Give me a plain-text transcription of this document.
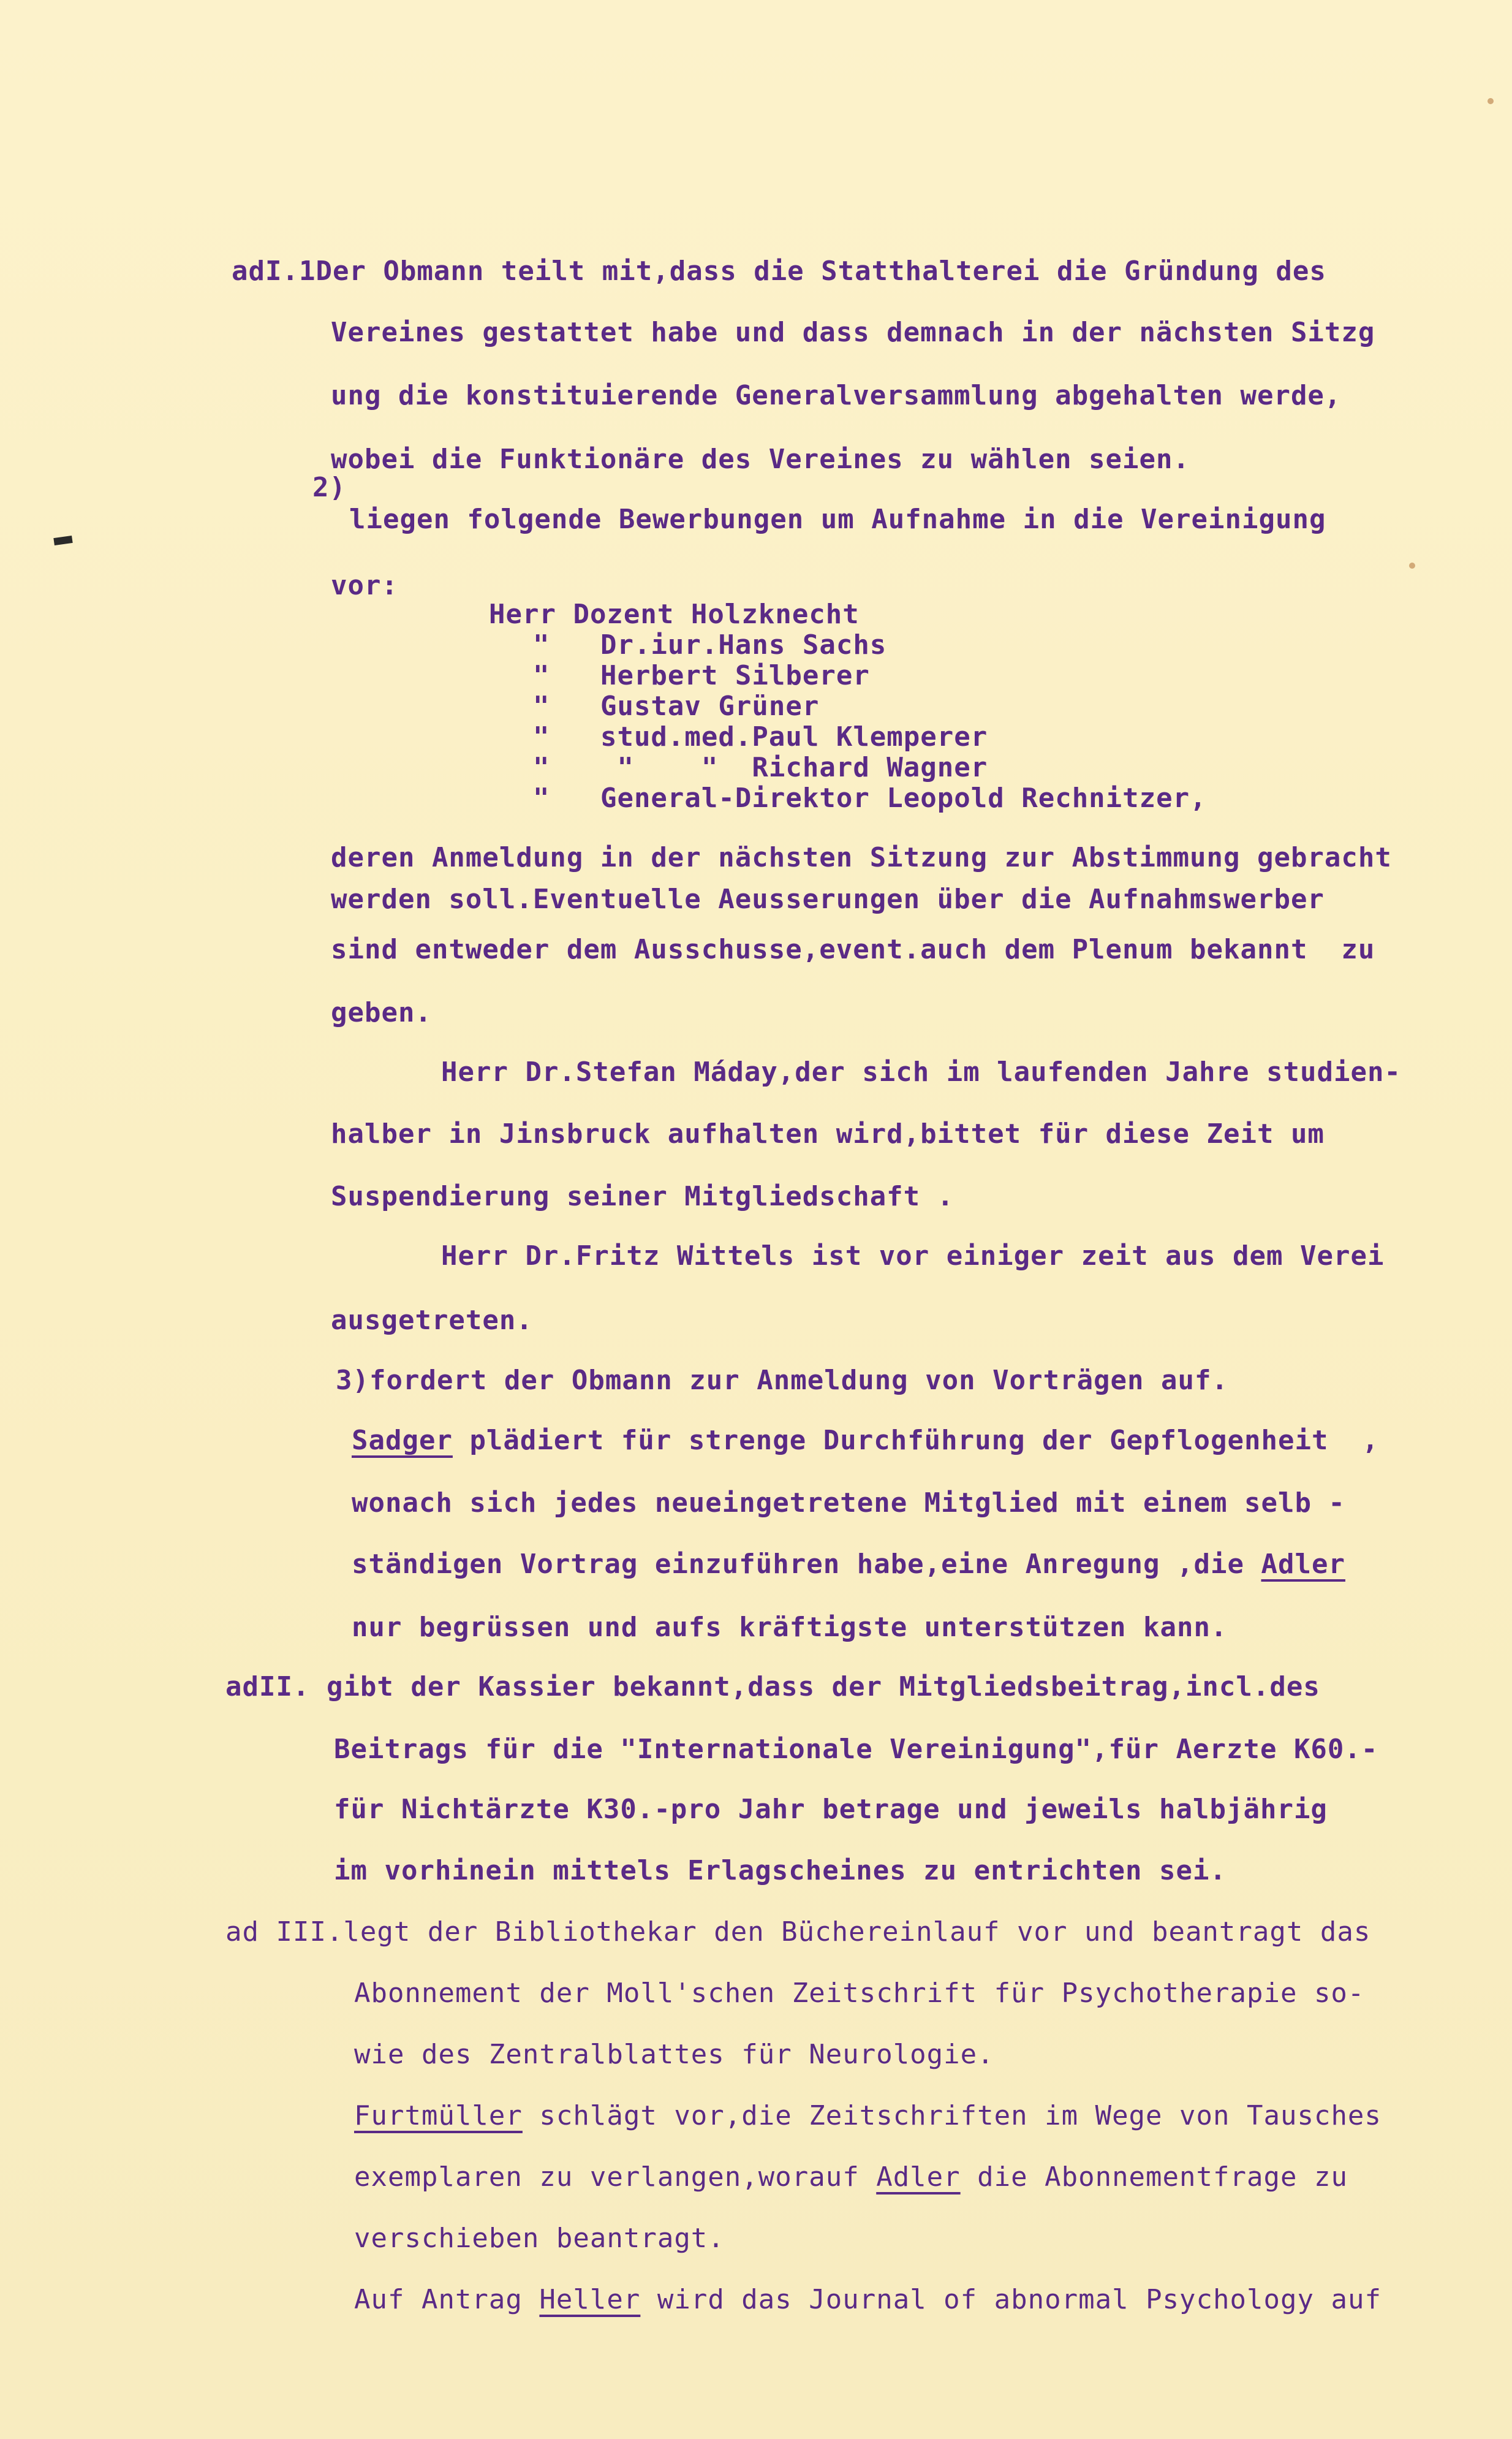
adI.1Der Obmann teilt mit,dass die Statthalterei die Gründung des
Vereines gestattet habe und dass demnach in der nächsten Sitzg
ung die konstituierende Generalversammlung abgehalten werde,
wobei die Funktionäre des Vereines zu wählen seien.
2)
liegen folgende Bewerbungen um Aufnahme in die Vereinigung
vor:
Herr Dozent Holzknecht
"   Dr.iur.Hans Sachs
"   Herbert Silberer
"   Gustav Grüner
"   stud.med.Paul Klemperer
"    "    "  Richard Wagner
"   General-Direktor Leopold Rechnitzer,
deren Anmeldung in der nächsten Sitzung zur Abstimmung gebracht
werden soll.Eventuelle Aeusserungen über die Aufnahmswerber
sind entweder dem Ausschusse,event.auch dem Plenum bekannt  zu
geben.
Herr Dr.Stefan Máday,der sich im laufenden Jahre studien-
halber in Jinsbruck aufhalten wird,bittet für diese Zeit um
Suspendierung seiner Mitgliedschaft .
Herr Dr.Fritz Wittels ist vor einiger zeit aus dem Verei
ausgetreten.
3)fordert der Obmann zur Anmeldung von Vorträgen auf.
Sadger plädiert für strenge Durchführung der Gepflogenheit  ,
wonach sich jedes neueingetretene Mitglied mit einem selb -
ständigen Vortrag einzuführen habe,eine Anregung ,die Adler
nur begrüssen und aufs kräftigste unterstützen kann.
adII. gibt der Kassier bekannt,dass der Mitgliedsbeitrag,incl.des
Beitrags für die "Internationale Vereinigung",für Aerzte K60.-
für Nichtärzte K30.-pro Jahr betrage und jeweils halbjährig
im vorhinein mittels Erlagscheines zu entrichten sei.
ad III.legt der Bibliothekar den Büchereinlauf vor und beantragt das
Abonnement der Moll'schen Zeitschrift für Psychotherapie so-
wie des Zentralblattes für Neurologie.
Furtmüller schlägt vor,die Zeitschriften im Wege von Tausches
exemplaren zu verlangen,worauf Adler die Abonnementfrage zu
verschieben beantragt.
Auf Antrag Heller wird das Journal of abnormal Psychology auf
